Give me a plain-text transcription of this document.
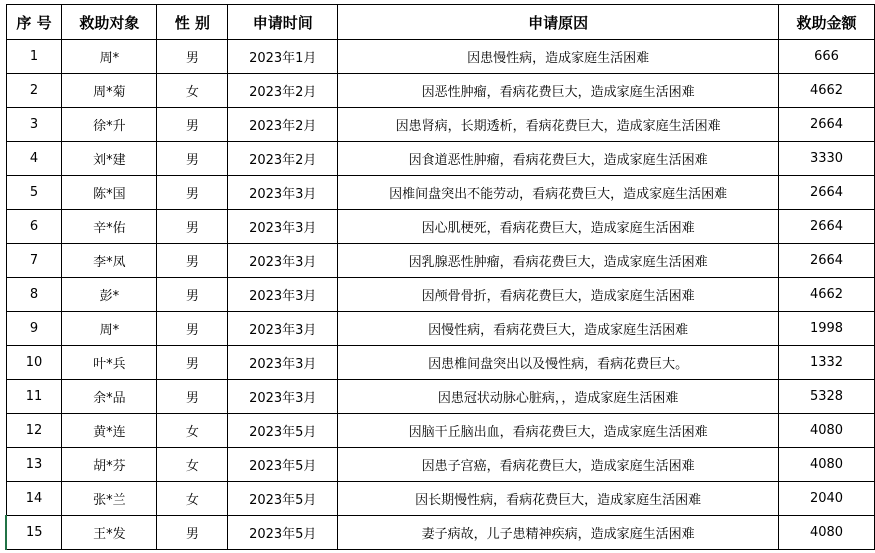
序 号	救助对象	性 别	申请时间	申请原因	救助金额
1	周*	男	2023年1月	因患慢性病，造成家庭生活困难	666
2	周*菊	女	2023年2月	因恶性肿瘤，看病花费巨大，造成家庭生活困难	4662
3	徐*升	男	2023年2月	因患肾病，长期透析，看病花费巨大，造成家庭生活困难	2664
4	刘*建	男	2023年2月	因食道恶性肿瘤，看病花费巨大，造成家庭生活困难	3330
5	陈*国	男	2023年3月	因椎间盘突出不能劳动，看病花费巨大，造成家庭生活困难	2664
6	辛*佑	男	2023年3月	因心肌梗死，看病花费巨大，造成家庭生活困难	2664
7	李*凤	男	2023年3月	因乳腺恶性肿瘤，看病花费巨大，造成家庭生活困难	2664
8	彭*	男	2023年3月	因颅骨骨折，看病花费巨大，造成家庭生活困难	4662
9	周*	男	2023年3月	因慢性病，看病花费巨大，造成家庭生活困难	1998
10	叶*兵	男	2023年3月	因患椎间盘突出以及慢性病，看病花费巨大。	1332
11	余*品	男	2023年3月	因患冠状动脉心脏病，，造成家庭生活困难	5328
12	黄*连	女	2023年5月	因脑干丘脑出血，看病花费巨大，造成家庭生活困难	4080
13	胡*芬	女	2023年5月	因患子宫癌，看病花费巨大，造成家庭生活困难	4080
14	张*兰	女	2023年5月	因长期慢性病，看病花费巨大，造成家庭生活困难	2040
15	王*发	男	2023年5月	妻子病故，儿子患精神疾病，造成家庭生活困难	4080
